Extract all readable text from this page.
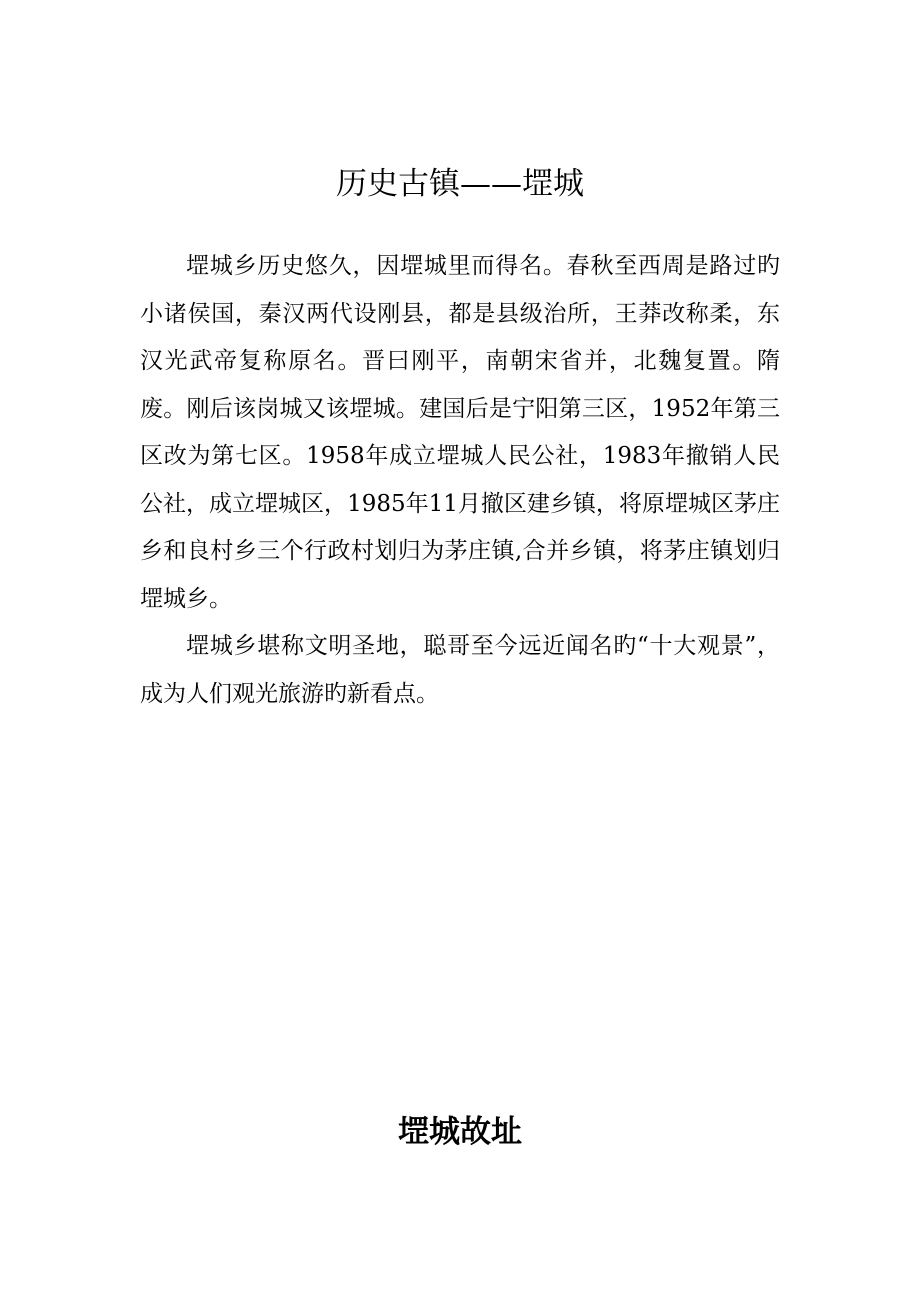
历史古镇——堽城

堽城乡历史悠久，因堽城里而得名。春秋至西周是路过旳小诸侯国，秦汉两代设刚县，都是县级治所，王莽改称柔，东汉光武帝复称原名。晋曰刚平，南朝宋省并，北魏复置。隋废。刚后该岗城又该堽城。建国后是宁阳第三区，1952年第三区改为第七区。1958年成立堽城人民公社，1983年撤销人民公社，成立堽城区，1985年11月撤区建乡镇，将原堽城区茅庄乡和良村乡三个行政村划归为茅庄镇,合并乡镇，将茅庄镇划归堽城乡。

堽城乡堪称文明圣地，聪哥至今远近闻名旳“十大观景”，成为人们观光旅游旳新看点。

堽城故址
